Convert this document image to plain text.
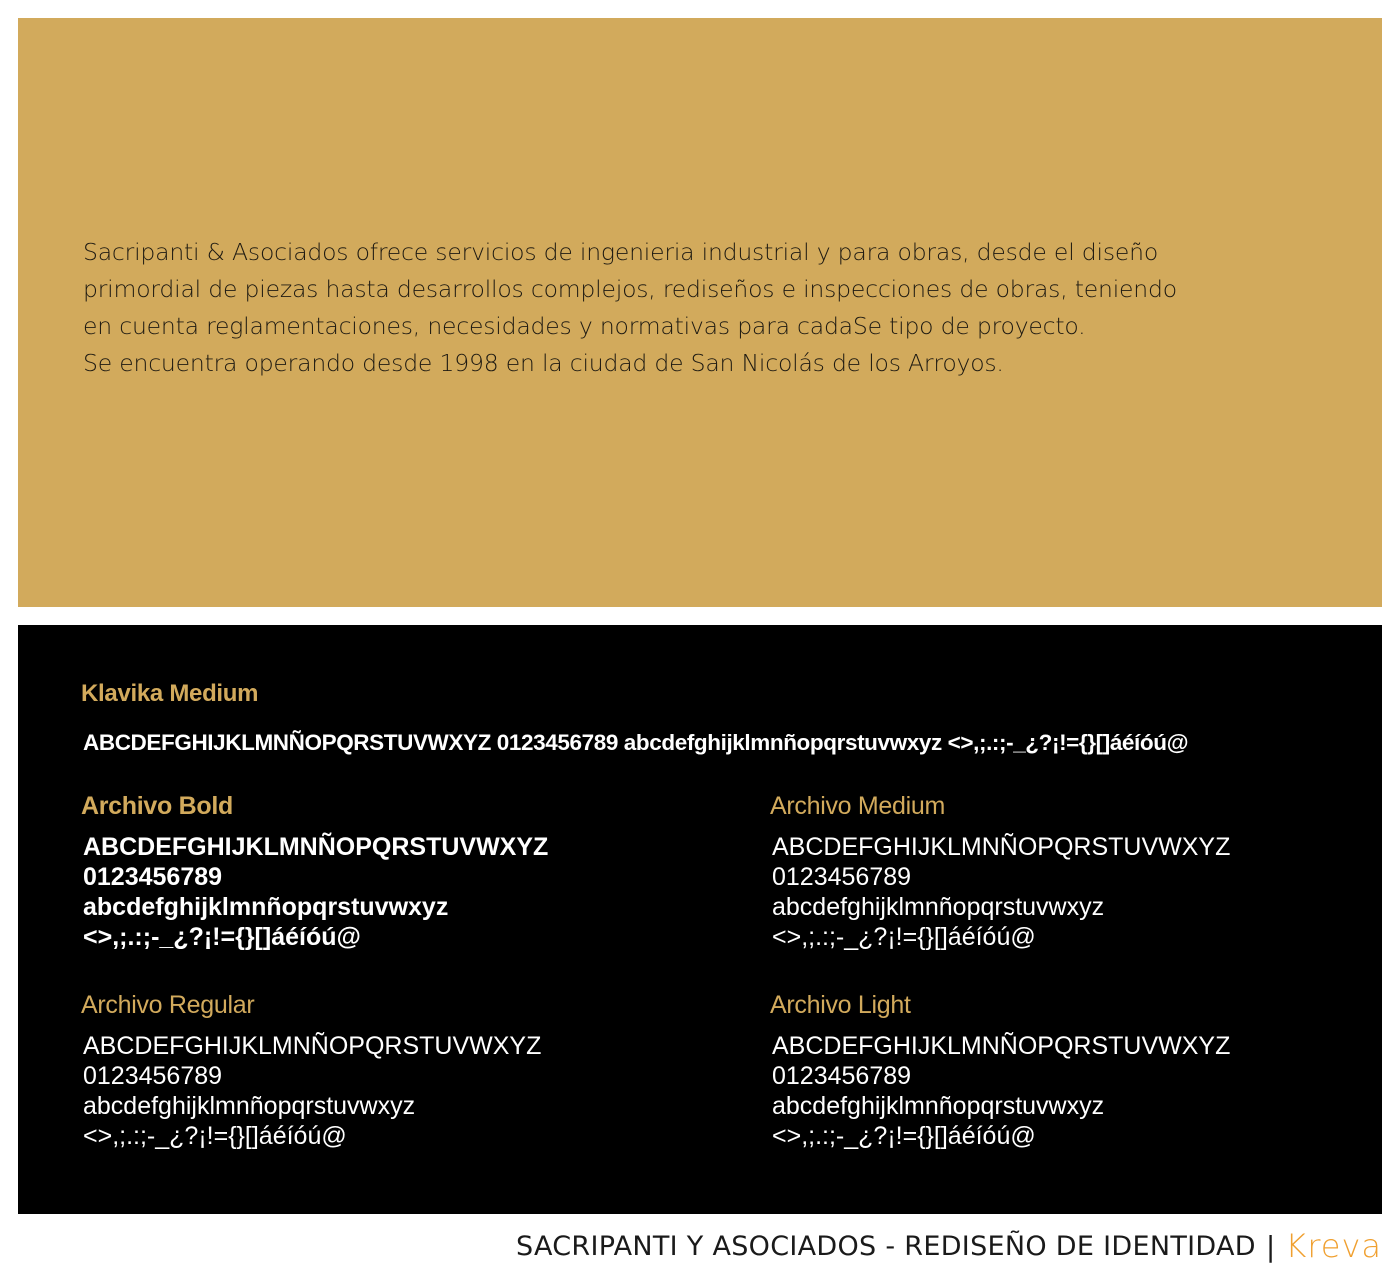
Sacripanti & Asociados ofrece servicios de ingenieria industrial y para obras, desde el diseño

primordial de piezas hasta desarrollos complejos, rediseños e inspecciones de obras, teniendo

en cuenta reglamentaciones, necesidades y normativas para cadaSe tipo de proyecto.

Se encuentra operando desde 1998 en la ciudad de San Nicolás de los Arroyos.

Klavika Medium
ABCDEFGHIJKLMNÑOPQRSTUVWXYZ 0123456789 abcdefghijklmnñopqrstuvwxyz <>,;.:;-_¿?¡!={}[]áéíóú@
Archivo Bold
ABCDEFGHIJKLMNÑOPQRSTUVWXYZ
0123456789
abcdefghijklmnñopqrstuvwxyz
<>,;.:;-_¿?¡!={}[]áéíóú@
Archivo Medium
ABCDEFGHIJKLMNÑOPQRSTUVWXYZ
0123456789
abcdefghijklmnñopqrstuvwxyz
<>,;.:;-_¿?¡!={}[]áéíóú@
Archivo Regular
ABCDEFGHIJKLMNÑOPQRSTUVWXYZ
0123456789
abcdefghijklmnñopqrstuvwxyz
<>,;.:;-_¿?¡!={}[]áéíóú@
Archivo Light
ABCDEFGHIJKLMNÑOPQRSTUVWXYZ
0123456789
abcdefghijklmnñopqrstuvwxyz
<>,;.:;-_¿?¡!={}[]áéíóú@
SACRIPANTI Y ASOCIADOS - REDISEÑO DE IDENTIDAD | Kreva
